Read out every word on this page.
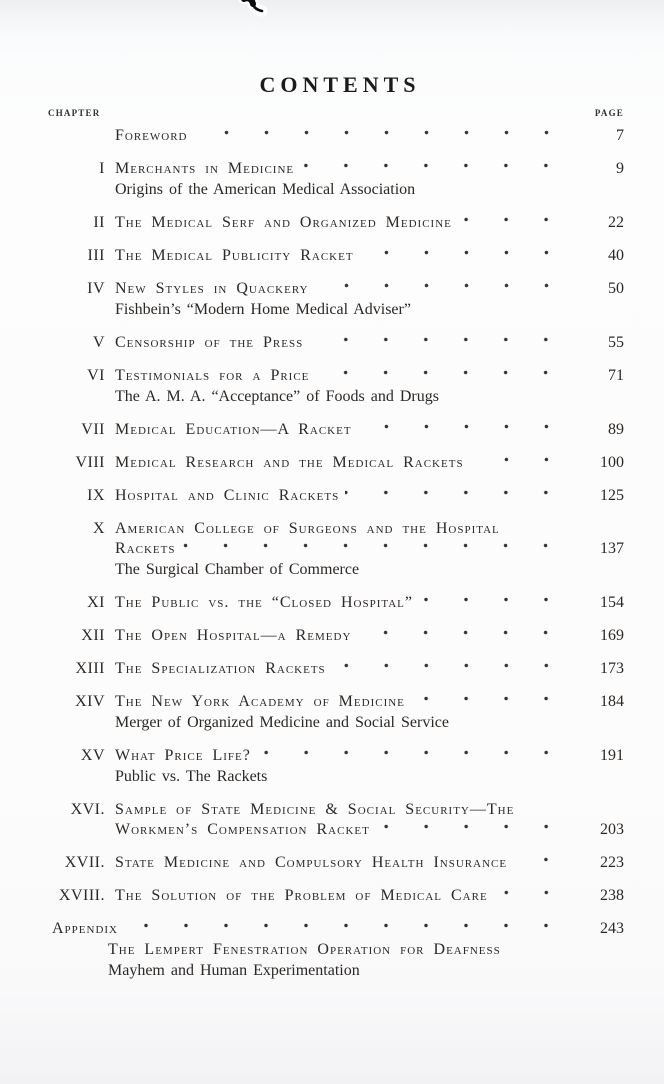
CONTENTS
CHAPTER	PAGE
Foreword	7
I Merchants in Medicine	9
Origins of the American Medical Association
II The Medical Serf and Organized Medicine	22
III The Medical Publicity Racket	40
IV New Styles in Quackery	50
Fishbein’s “Modern Home Medical Adviser”
V Censorship of the Press	55
VI Testimonials for a Price	71
The A. M. A. “Acceptance” of Foods and Drugs
VII Medical Education—A Racket	89
VIII Medical Research and the Medical Rackets	100
IX Hospital and Clinic Rackets	125
X American College of Surgeons and the Hospital
Rackets	137
The Surgical Chamber of Commerce
XI The Public vs. the “Closed Hospital”	154
XII The Open Hospital—a Remedy	169
XIII The Specialization Rackets	173
XIV The New York Academy of Medicine	184
Merger of Organized Medicine and Social Service
XV What Price Life?	191
Public vs. The Rackets
XVI. Sample of State Medicine & Social Security—The
Workmen’s Compensation Racket	203
XVII. State Medicine and Compulsory Health Insurance	223
XVIII. The Solution of the Problem of Medical Care	238
Appendix	243
The Lempert Fenestration Operation for Deafness
Mayhem and Human Experimentation
